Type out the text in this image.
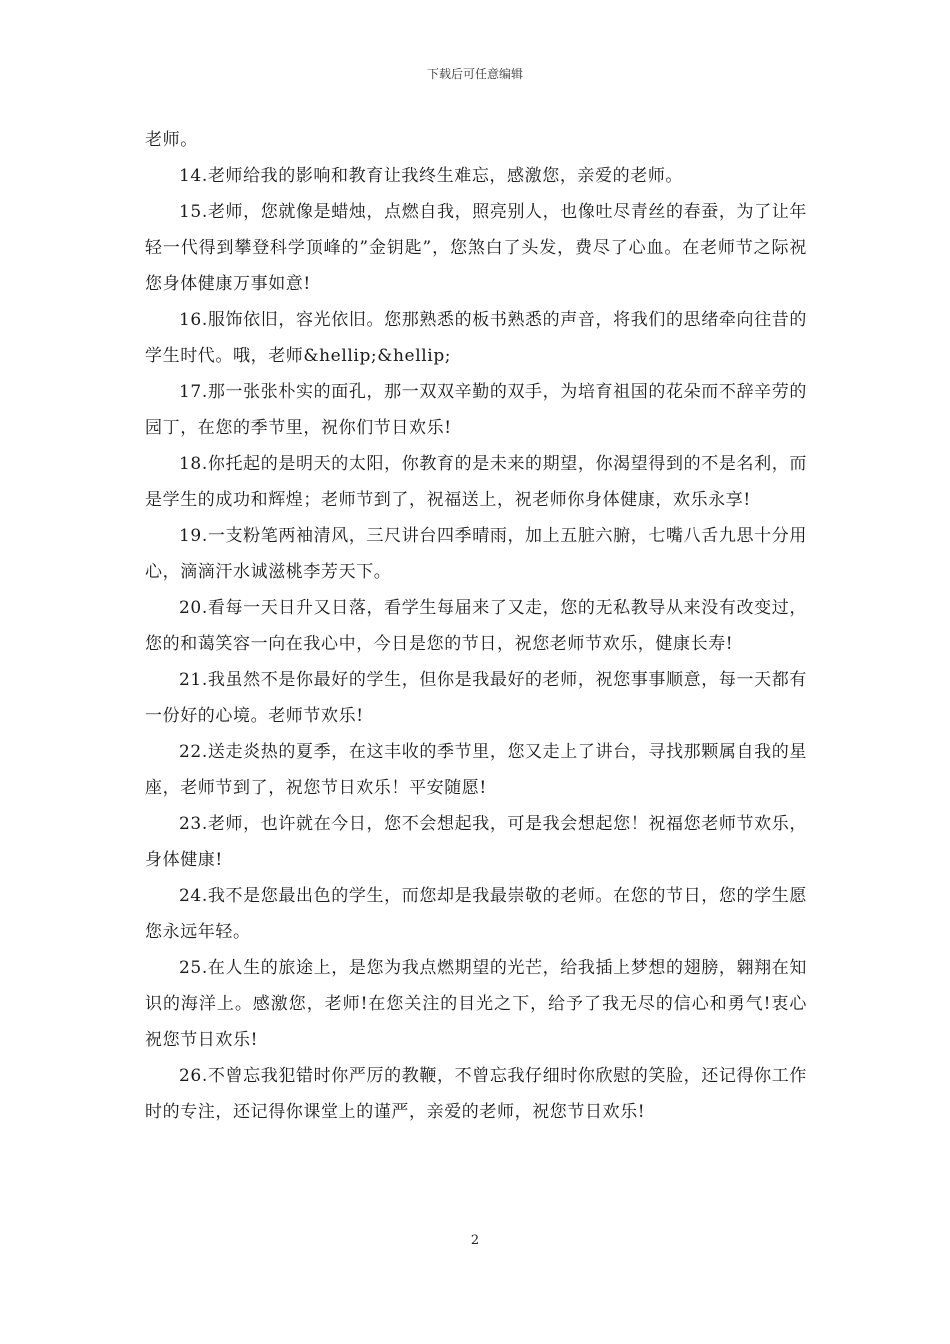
下载后可任意编辑

老师。

14.老师给我的影响和教育让我终生难忘，感激您，亲爱的老师。

15.老师，您就像是蜡烛，点燃自我，照亮别人，也像吐尽青丝的春蚕，为了让年轻一代得到攀登科学顶峰的”金钥匙”，您煞白了头发，费尽了心血。在老师节之际祝您身体健康万事如意!

16.服饰依旧，容光依旧。您那熟悉的板书熟悉的声音，将我们的思绪牵向往昔的学生时代。哦，老师&hellip;&hellip;

17.那一张张朴实的面孔，那一双双辛勤的双手，为培育祖国的花朵而不辞辛劳的园丁，在您的季节里，祝你们节日欢乐!

18.你托起的是明天的太阳，你教育的是未来的期望，你渴望得到的不是名利，而是学生的成功和辉煌；老师节到了，祝福送上，祝老师你身体健康，欢乐永享!

19.一支粉笔两袖清风，三尺讲台四季晴雨，加上五脏六腑，七嘴八舌九思十分用心，滴滴汗水诚滋桃李芳天下。

20.看每一天日升又日落，看学生每届来了又走，您的无私教导从来没有改变过，您的和蔼笑容一向在我心中，今日是您的节日，祝您老师节欢乐，健康长寿!

21.我虽然不是你最好的学生，但你是我最好的老师，祝您事事顺意，每一天都有一份好的心境。老师节欢乐!

22.送走炎热的夏季，在这丰收的季节里，您又走上了讲台，寻找那颗属自我的星座，老师节到了，祝您节日欢乐！平安随愿!

23.老师，也许就在今日，您不会想起我，可是我会想起您！祝福您老师节欢乐，身体健康!

24.我不是您最出色的学生，而您却是我最崇敬的老师。在您的节日，您的学生愿您永远年轻。

25.在人生的旅途上，是您为我点燃期望的光芒，给我插上梦想的翅膀，翱翔在知识的海洋上。感激您，老师!在您关注的目光之下，给予了我无尽的信心和勇气!衷心祝您节日欢乐!

26.不曾忘我犯错时你严厉的教鞭，不曾忘我仔细时你欣慰的笑脸，还记得你工作时的专注，还记得你课堂上的谨严，亲爱的老师，祝您节日欢乐!

2
